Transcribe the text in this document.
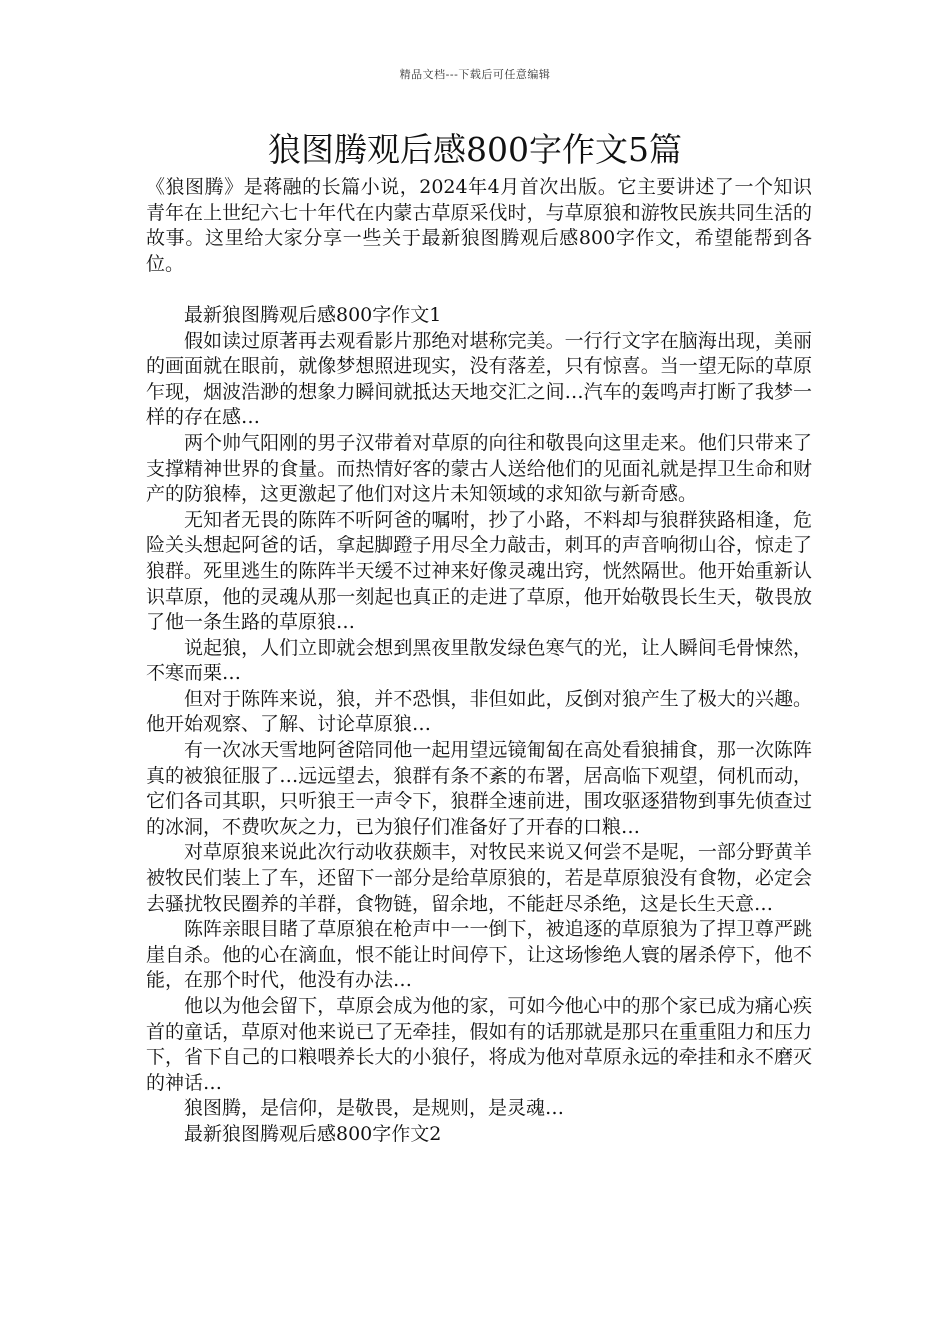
精品文档---下载后可任意编辑
狼图腾观后感800字作文5篇

《狼图腾》是蒋融的长篇小说，2024年4月首次出版。它主要讲述了一个知识青年在上世纪六七十年代在内蒙古草原采伐时，与草原狼和游牧民族共同生活的故事。这里给大家分享一些关于最新狼图腾观后感800字作文，希望能帮到各位。

最新狼图腾观后感800字作文1

假如读过原著再去观看影片那绝对堪称完美。一行行文字在脑海出现，美丽的画面就在眼前，就像梦想照进现实，没有落差，只有惊喜。当一望无际的草原乍现，烟波浩渺的想象力瞬间就抵达天地交汇之间…汽车的轰鸣声打断了我梦一样的存在感…

两个帅气阳刚的男子汉带着对草原的向往和敬畏向这里走来。他们只带来了支撑精神世界的食量。而热情好客的蒙古人送给他们的见面礼就是捍卫生命和财产的防狼棒，这更激起了他们对这片未知领域的求知欲与新奇感。

无知者无畏的陈阵不听阿爸的嘱咐，抄了小路，不料却与狼群狭路相逢，危险关头想起阿爸的话，拿起脚蹬子用尽全力敲击，刺耳的声音响彻山谷，惊走了狼群。死里逃生的陈阵半天缓不过神来好像灵魂出窍，恍然隔世。他开始重新认识草原，他的灵魂从那一刻起也真正的走进了草原，他开始敬畏长生天，敬畏放了他一条生路的草原狼…

说起狼，人们立即就会想到黑夜里散发绿色寒气的光，让人瞬间毛骨悚然，不寒而栗…

但对于陈阵来说，狼，并不恐惧，非但如此，反倒对狼产生了极大的兴趣。他开始观察、了解、讨论草原狼…

有一次冰天雪地阿爸陪同他一起用望远镜匍匐在高处看狼捕食，那一次陈阵真的被狼征服了…远远望去，狼群有条不紊的布署，居高临下观望，伺机而动，它们各司其职，只听狼王一声令下，狼群全速前进，围攻驱逐猎物到事先侦查过的冰洞，不费吹灰之力，已为狼仔们准备好了开春的口粮…

对草原狼来说此次行动收获颇丰，对牧民来说又何尝不是呢，一部分野黄羊被牧民们装上了车，还留下一部分是给草原狼的，若是草原狼没有食物，必定会去骚扰牧民圈养的羊群，食物链，留余地，不能赶尽杀绝，这是长生天意…

陈阵亲眼目睹了草原狼在枪声中一一倒下，被追逐的草原狼为了捍卫尊严跳崖自杀。他的心在滴血，恨不能让时间停下，让这场惨绝人寰的屠杀停下，他不能，在那个时代，他没有办法…

他以为他会留下，草原会成为他的家，可如今他心中的那个家已成为痛心疾首的童话，草原对他来说已了无牵挂，假如有的话那就是那只在重重阻力和压力下，省下自己的口粮喂养长大的小狼仔，将成为他对草原永远的牵挂和永不磨灭的神话…

狼图腾，是信仰，是敬畏，是规则，是灵魂…

最新狼图腾观后感800字作文2
